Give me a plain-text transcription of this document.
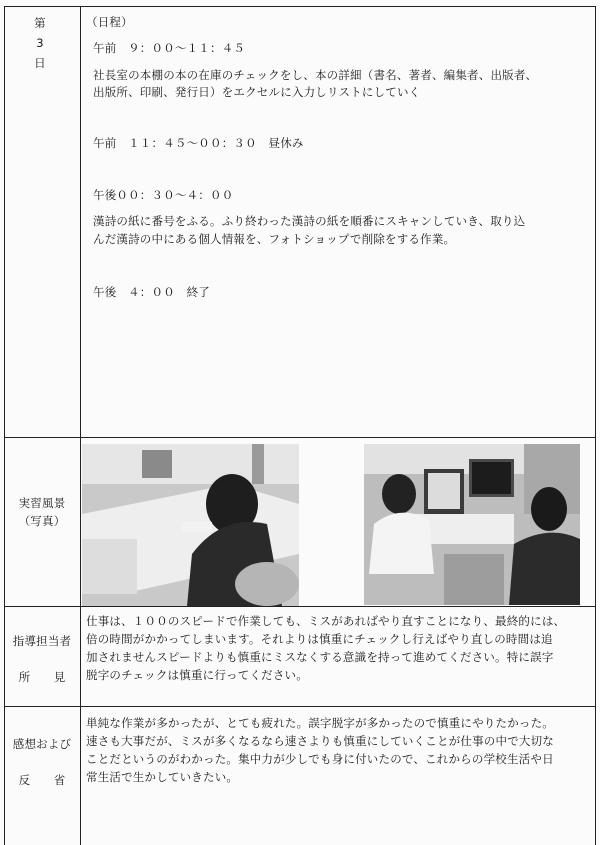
第
3
日
（日程）
午前　９：００～１１：４５
社長室の本棚の本の在庫のチェックをし、本の詳細（書名、著者、編集者、出版者、
出版所、印刷、発行日）をエクセルに入力しリストにしていく
午前　１１：４５～００：３０　昼休み
午後００：３０～４：００
漢詩の紙に番号をふる。ふり終わった漢詩の紙を順番にスキャンしていき、取り込
んだ漢詩の中にある個人情報を、フォトショップで削除をする作業。
午後　４：００　終了
実習風景
（写真）
指導担当者
所　　見
仕事は、１００のスピードで作業しても、ミスがあればやり直すことになり、最終的には、
倍の時間がかかってしまいます。それよりは慎重にチェックし行えばやり直しの時間は追
加されませんスピードよりも慎重にミスなくする意識を持って進めてください。特に誤字
脱字のチェックは慎重に行ってください。
感想および
反　　省
単純な作業が多かったが、とても疲れた。誤字脱字が多かったので慎重にやりたかった。
速さも大事だが、ミスが多くなるなら速さよりも慎重にしていくことが仕事の中で大切な
ことだというのがわかった。集中力が少しでも身に付いたので、これからの学校生活や日
常生活で生かしていきたい。
